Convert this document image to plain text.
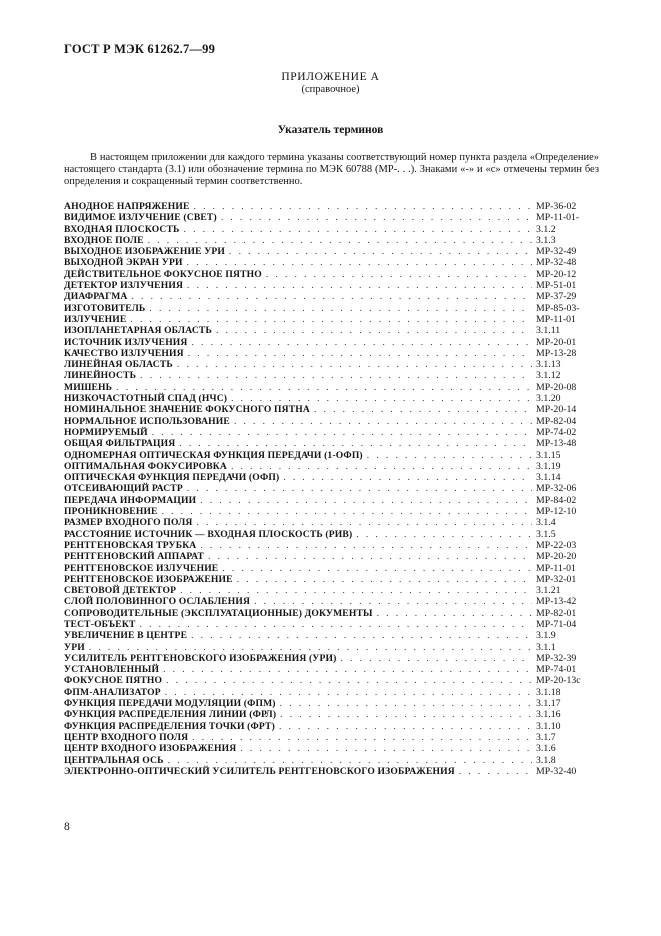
ГОСТ Р МЭК 61262.7—99
ПРИЛОЖЕНИЕ А
(справочное)
Указатель терминов

В настоящем приложении для каждого термина указаны соответствующий номер пункта раздела «Определение» настоящего стандарта (3.1) или обозначение термина по МЭК 60788 (МР-. . .). Знаками «-» и «с» отмечены термин без определения и сокращенный термин соответственно.

АНОДНОЕ НАПРЯЖЕНИЕ . . .	МР-36-02
ВИДИМОЕ ИЗЛУЧЕНИЕ (СВЕТ) . . .	МР-11-01-
ВХОДНАЯ ПЛОСКОСТЬ . . .	3.1.2
ВХОДНОЕ ПОЛЕ . . .	3.1.3
ВЫХОДНОЕ ИЗОБРАЖЕНИЕ УРИ . . .	МР-32-49
ВЫХОДНОЙ ЭКРАН УРИ . . .	МР-32-48
ДЕЙСТВИТЕЛЬНОЕ ФОКУСНОЕ ПЯТНО . . .	МР-20-12
ДЕТЕКТОР ИЗЛУЧЕНИЯ . . .	МР-51-01
ДИАФРАГМА . . .	МР-37-29
ИЗГОТОВИТЕЛЬ . . .	МР-85-03-
ИЗЛУЧЕНИЕ . . .	МР-11-01
ИЗОПЛАНЕТАРНАЯ ОБЛАСТЬ . . .	3.1.11
ИСТОЧНИК ИЗЛУЧЕНИЯ . . .	МР-20-01
КАЧЕСТВО ИЗЛУЧЕНИЯ . . .	МР-13-28
ЛИНЕЙНАЯ ОБЛАСТЬ . . .	3.1.13
ЛИНЕЙНОСТЬ . . .	3.1.12
МИШЕНЬ . . .	МР-20-08
НИЗКОЧАСТОТНЫЙ СПАД (НЧС) . . .	3.1.20
НОМИНАЛЬНОЕ ЗНАЧЕНИЕ ФОКУСНОГО ПЯТНА . . .	МР-20-14
НОРМАЛЬНОЕ ИСПОЛЬЗОВАНИЕ . . .	МР-82-04
НОРМИРУЕМЫЙ . . .	МР-74-02
ОБЩАЯ ФИЛЬТРАЦИЯ . . .	МР-13-48
ОДНОМЕРНАЯ ОПТИЧЕСКАЯ ФУНКЦИЯ ПЕРЕДАЧИ (1-ОФП) . . .	3.1.15
ОПТИМАЛЬНАЯ ФОКУСИРОВКА . . .	3.1.19
ОПТИЧЕСКАЯ ФУНКЦИЯ ПЕРЕДАЧИ (ОФП) . . .	3.1.14
ОТСЕИВАЮЩИЙ РАСТР . . .	МР-32-06
ПЕРЕДАЧА ИНФОРМАЦИИ . . .	МР-84-02
ПРОНИКНОВЕНИЕ . . .	МР-12-10
РАЗМЕР ВХОДНОГО ПОЛЯ . . .	3.1.4
РАССТОЯНИЕ ИСТОЧНИК — ВХОДНАЯ ПЛОСКОСТЬ (РИВ) . . .	3.1.5
РЕНТГЕНОВСКАЯ ТРУБКА . . .	МР-22-03
РЕНТГЕНОВСКИЙ АППАРАТ . . .	МР-20-20
РЕНТГЕНОВСКОЕ ИЗЛУЧЕНИЕ . . .	МР-11-01
РЕНТГЕНОВСКОЕ ИЗОБРАЖЕНИЕ . . .	МР-32-01
СВЕТОВОЙ ДЕТЕКТОР . . .	3.1.21
СЛОЙ ПОЛОВИННОГО ОСЛАБЛЕНИЯ . . .	МР-13-42
СОПРОВОДИТЕЛЬНЫЕ (ЭКСПЛУАТАЦИОННЫЕ) ДОКУМЕНТЫ . . .	МР-82-01
ТЕСТ-ОБЪЕКТ . . .	МР-71-04
УВЕЛИЧЕНИЕ В ЦЕНТРЕ . . .	3.1.9
УРИ . . .	3.1.1
УСИЛИТЕЛЬ РЕНТГЕНОВСКОГО ИЗОБРАЖЕНИЯ (УРИ) . . .	МР-32-39
УСТАНОВЛЕННЫЙ . . .	МР-74-01
ФОКУСНОЕ ПЯТНО . . .	МР-20-13с
ФПМ-АНАЛИЗАТОР . . .	3.1.18
ФУНКЦИЯ ПЕРЕДАЧИ МОДУЛЯЦИИ (ФПМ) . . .	3.1.17
ФУНКЦИЯ РАСПРЕДЕЛЕНИЯ ЛИНИИ (ФРЛ) . . .	3.1.16
ФУНКЦИЯ РАСПРЕДЕЛЕНИЯ ТОЧКИ (ФРТ) . . .	3.1.10
ЦЕНТР ВХОДНОГО ПОЛЯ . . .	3.1.7
ЦЕНТР ВХОДНОГО ИЗОБРАЖЕНИЯ . . .	3.1.6
ЦЕНТРАЛЬНАЯ ОСЬ . . .	3.1.8
ЭЛЕКТРОННО-ОПТИЧЕСКИЙ УСИЛИТЕЛЬ РЕНТГЕНОВСКОГО ИЗОБРАЖЕНИЯ . . .	МР-32-40
8
